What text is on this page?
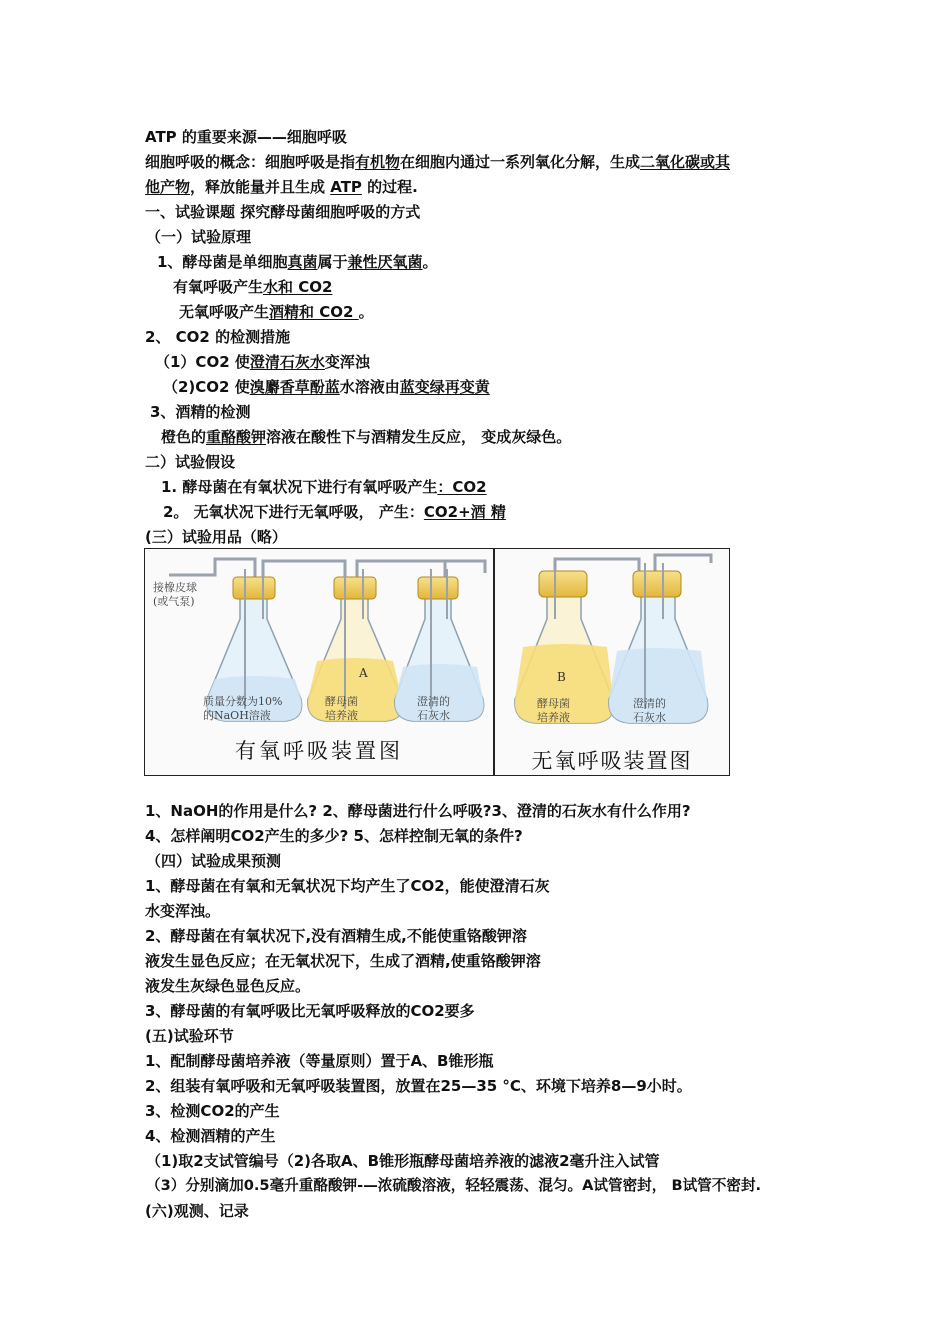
ATP 的重要来源——细胞呼吸
细胞呼吸的概念：细胞呼吸是指有机物在细胞内通过一系列氧化分解，生成二氧化碳或其
他产物，释放能量并且生成 ATP 的过程.
一、试验课题 探究酵母菌细胞呼吸的方式
（一）试验原理
1、酵母菌是单细胞真菌属于兼性厌氧菌。
有氧呼吸产生水和 CO2
无氧呼吸产生酒精和 CO2 。
2、 CO2 的检测措施
（1）CO2 使澄清石灰水变浑浊
（2)CO2 使溴麝香草酚蓝水溶液由蓝变绿再变黄
3、酒精的检测
橙色的重酪酸钾溶液在酸性下与酒精发生反应， 变成灰绿色。
二）试验假设
1. 酵母菌在有氧状况下进行有氧呼吸产生：CO2
2。 无氧状况下进行无氧呼吸， 产生：CO2+酒 精
(三）试验用品（略）
A
接橡皮球
(或气泵)
质量分数为10%
的NaOH溶液
酵母菌
培养液
澄清的
石灰水
有氧呼吸装置图
B
酵母菌
培养液
澄清的
石灰水
无氧呼吸装置图
1、NaOH的作用是什么? 2、酵母菌进行什么呼吸?3、澄清的石灰水有什么作用?
4、怎样阐明CO2产生的多少? 5、怎样控制无氧的条件?
（四）试验成果预测
1、酵母菌在有氧和无氧状况下均产生了CO2，能使澄清石灰
水变浑浊。
2、酵母菌在有氧状况下,没有酒精生成,不能使重铬酸钾溶
液发生显色反应；在无氧状况下，生成了酒精,使重铬酸钾溶
液发生灰绿色显色反应。
3、酵母菌的有氧呼吸比无氧呼吸释放的CO2要多
(五)试验环节
1、配制酵母菌培养液（等量原则）置于A、B锥形瓶
2、组装有氧呼吸和无氧呼吸装置图，放置在25—35 °C、环境下培养8—9小时。
3、检测CO2的产生
4、检测酒精的产生
（1)取2支试管编号（2)各取A、B锥形瓶酵母菌培养液的滤液2毫升注入试管
（3）分别滴加0.5毫升重酪酸钾-—浓硫酸溶液，轻轻震荡、混匀。A试管密封， B试管不密封.
(六)观测、记录
